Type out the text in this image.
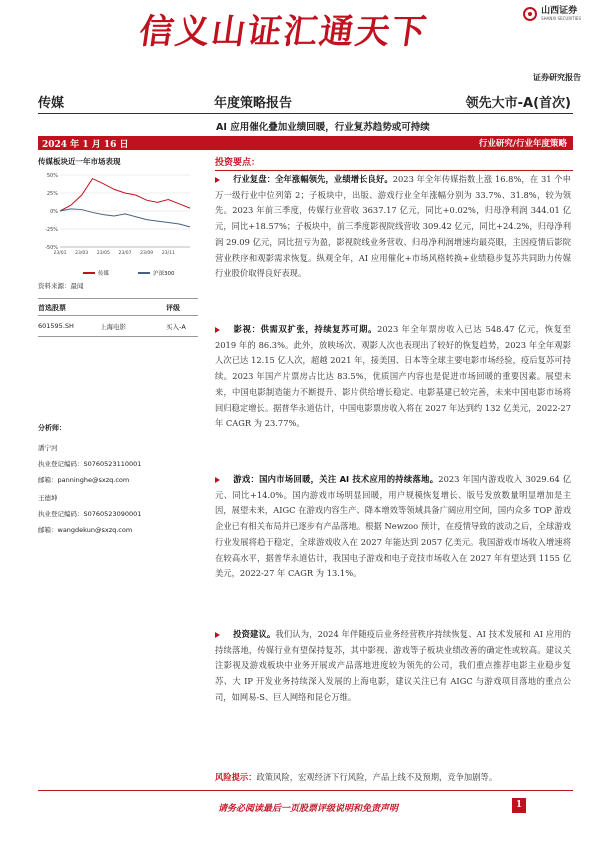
信义山证汇通天下
山西证券
SHANXI SECURITIES
证券研究报告
传媒	年度策略报告	领先大市-A(首次)
AI 应用催化叠加业绩回暖，行业复苏趋势或可持续
2024 年 1 月 16 日	行业研究/行业年度策略
传媒板块近一年市场表现
50%
25%
0%
-25%
-50%
23/01 23/03 23/05 23/07 23/09 23/11
传媒	沪深300
资料来源：最闻
首选股票	评级
601595.SH	上海电影	买入-A
分析师：
潘宁河
执业登记编码：S0760523110001
邮箱：panninghe@sxzq.com
王德坤
执业登记编码：S0760523090001
邮箱：wangdekun@sxzq.com
投资要点：
行业复盘：全年涨幅领先，业绩增长良好。2023 年全年传媒指数上涨 16.8%，在 31 个申万一级行业中位列第 2；子板块中，出版、游戏行业全年涨幅分别为 33.7%、31.8%，较为领先。2023 年前三季度，传媒行业营收 3637.17 亿元，同比+0.02%，归母净利润 344.01 亿元，同比+18.57%；子板块中，前三季度影视院线营收 309.42 亿元，同比+24.2%，归母净利润 29.09 亿元，同比扭亏为盈，影视院线业务营收、归母净利润增速均最亮眼，主因疫情后影院营业秩序和观影需求恢复。纵观全年，AI 应用催化+市场风格转换+业绩稳步复苏共同助力传媒行业股价取得良好表现。
影视：供需双扩张，持续复苏可期。2023 年全年票房收入已达 548.47 亿元，恢复至 2019 年的 86.3%。此外，放映场次、观影人次也表现出了较好的恢复趋势，2023 年全年观影人次已达 12.15 亿人次，超越 2021 年，接美国、日本等全球主要电影市场经验，疫后复苏可持续。2023 年国产片票房占比达 83.5%，优质国产内容也是促进市场回暖的重要因素。展望未来，中国电影制造能力不断提升、影片供给增长稳定、电影基建已较完善，未来中国电影市场将回归稳定增长。据普华永道估计，中国电影票房收入将在 2027 年达到约 132 亿美元，2022-27 年 CAGR 为 23.77%。
游戏：国内市场回暖，关注 AI 技术应用的持续落地。2023 年国内游戏收入 3029.64 亿元、同比+14.0%。国内游戏市场明显回暖，用户规模恢复增长、版号发放数量明显增加是主因，展望未来，AIGC 在游戏内容生产、降本增效等领域具备广阔应用空间，国内众多 TOP 游戏企业已有相关布局并已逐步有产品落地。根据 Newzoo 预计，在疫情导致的波动之后，全球游戏行业发展将趋于稳定，全球游戏收入在 2027 年能达到 2057 亿美元。我国游戏市场收入增速将在较高水平，据普华永道估计，我国电子游戏和电子竞技市场收入在 2027 年有望达到 1155 亿美元，2022-27 年 CAGR 为 13.1%。
投资建议。我们认为，2024 年伴随疫后业务经营秩序持续恢复、AI 技术发展和 AI 应用的持续落地，传媒行业有望保持复苏，其中影视、游戏等子板块业绩改善的确定性或较高。建议关注影视及游戏板块中业务开展或产品落地进度较为领先的公司，我们重点推荐电影主业稳步复苏、大 IP 开发业务持续深入发展的上海电影，建议关注已有 AIGC 与游戏项目落地的重点公司，如网易-S、巨人网络和昆仑万维。
风险提示：政策风险，宏观经济下行风险，产品上线不及预期，竞争加剧等。
请务必阅读最后一页股票评级说明和免责声明	1
